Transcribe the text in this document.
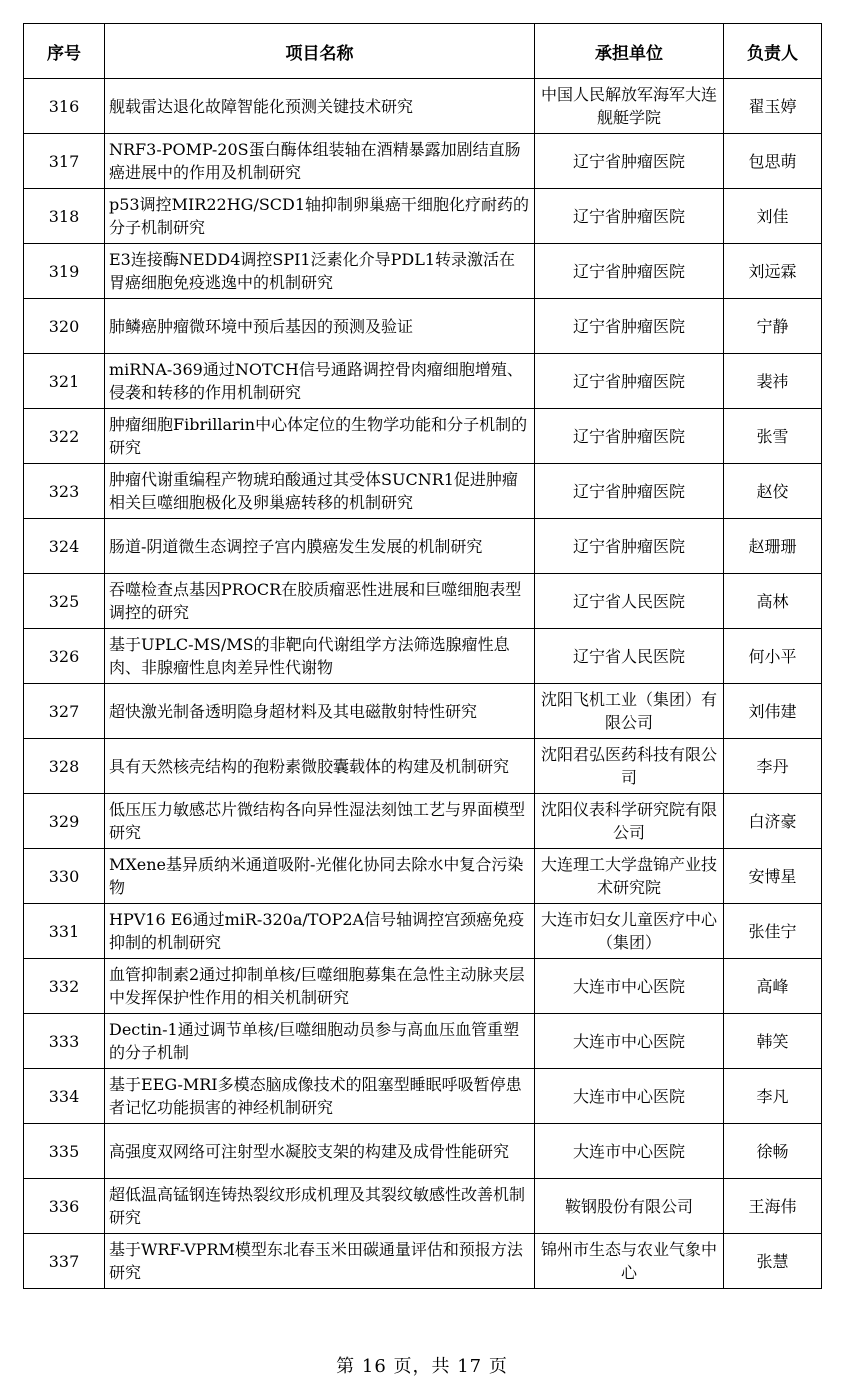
序号	项目名称	承担单位	负责人
316	舰载雷达退化故障智能化预测关键技术研究	中国人民解放军海军大连舰艇学院	翟玉婷
317	NRF3-POMP-20S蛋白酶体组装轴在酒精暴露加剧结直肠癌进展中的作用及机制研究	辽宁省肿瘤医院	包思萌
318	p53调控MIR22HG/SCD1轴抑制卵巢癌干细胞化疗耐药的分子机制研究	辽宁省肿瘤医院	刘佳
319	E3连接酶NEDD4调控SPI1泛素化介导PDL1转录激活在胃癌细胞免疫逃逸中的机制研究	辽宁省肿瘤医院	刘远霖
320	肺鳞癌肿瘤微环境中预后基因的预测及验证	辽宁省肿瘤医院	宁静
321	miRNA-369通过NOTCH信号通路调控骨肉瘤细胞增殖、侵袭和转移的作用机制研究	辽宁省肿瘤医院	裴祎
322	肿瘤细胞Fibrillarin中心体定位的生物学功能和分子机制的研究	辽宁省肿瘤医院	张雪
323	肿瘤代谢重编程产物琥珀酸通过其受体SUCNR1促进肿瘤相关巨噬细胞极化及卵巢癌转移的机制研究	辽宁省肿瘤医院	赵佼
324	肠道-阴道微生态调控子宫内膜癌发生发展的机制研究	辽宁省肿瘤医院	赵珊珊
325	吞噬检查点基因PROCR在胶质瘤恶性进展和巨噬细胞表型调控的研究	辽宁省人民医院	高林
326	基于UPLC-MS/MS的非靶向代谢组学方法筛选腺瘤性息肉、非腺瘤性息肉差异性代谢物	辽宁省人民医院	何小平
327	超快激光制备透明隐身超材料及其电磁散射特性研究	沈阳飞机工业（集团）有限公司	刘伟建
328	具有天然核壳结构的孢粉素微胶囊载体的构建及机制研究	沈阳君弘医药科技有限公司	李丹
329	低压压力敏感芯片微结构各向异性湿法刻蚀工艺与界面模型研究	沈阳仪表科学研究院有限公司	白济豪
330	MXene基异质纳米通道吸附-光催化协同去除水中复合污染物	大连理工大学盘锦产业技术研究院	安博星
331	HPV16 E6通过miR-320a/TOP2A信号轴调控宫颈癌免疫抑制的机制研究	大连市妇女儿童医疗中心（集团）	张佳宁
332	血管抑制素2通过抑制单核/巨噬细胞募集在急性主动脉夹层中发挥保护性作用的相关机制研究	大连市中心医院	高峰
333	Dectin-1通过调节单核/巨噬细胞动员参与高血压血管重塑的分子机制	大连市中心医院	韩笑
334	基于EEG-MRI多模态脑成像技术的阻塞型睡眠呼吸暂停患者记忆功能损害的神经机制研究	大连市中心医院	李凡
335	高强度双网络可注射型水凝胶支架的构建及成骨性能研究	大连市中心医院	徐畅
336	超低温高锰钢连铸热裂纹形成机理及其裂纹敏感性改善机制研究	鞍钢股份有限公司	王海伟
337	基于WRF-VPRM模型东北春玉米田碳通量评估和预报方法研究	锦州市生态与农业气象中心	张慧
第 16 页，共 17 页
